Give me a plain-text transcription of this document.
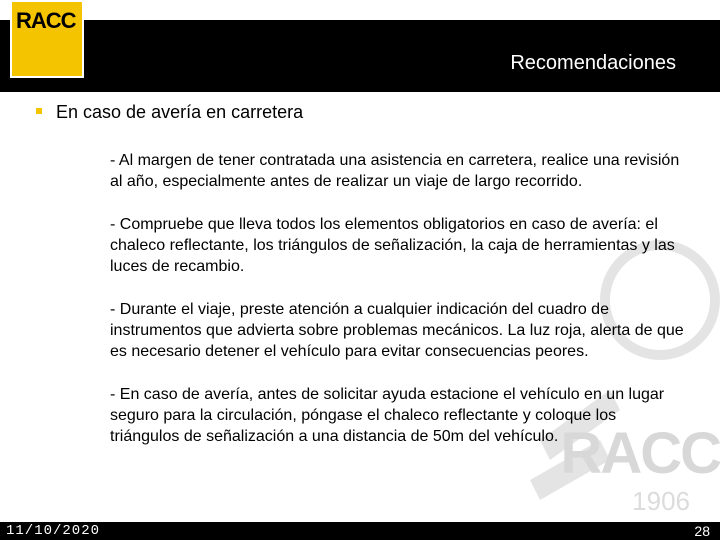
RACC
Recomendaciones
RACC
1906
En caso de avería en carretera

- Al margen de tener contratada una asistencia en carretera, realice una revisión al año, especialmente antes de realizar un viaje de largo recorrido.

- Compruebe que lleva todos los elementos obligatorios en caso de avería: el chaleco reflectante, los triángulos de señalización, la caja de herramientas y las luces de recambio.

- Durante el viaje, preste atención a cualquier indicación del cuadro de instrumentos que advierta sobre problemas mecánicos. La luz roja, alerta de que es necesario detener el vehículo para evitar consecuencias peores.

- En caso de avería, antes de solicitar ayuda estacione el vehículo en un lugar seguro para la circulación, póngase el chaleco reflectante y coloque los triángulos de señalización a una distancia de 50m del vehículo.

11/10/2020	28
